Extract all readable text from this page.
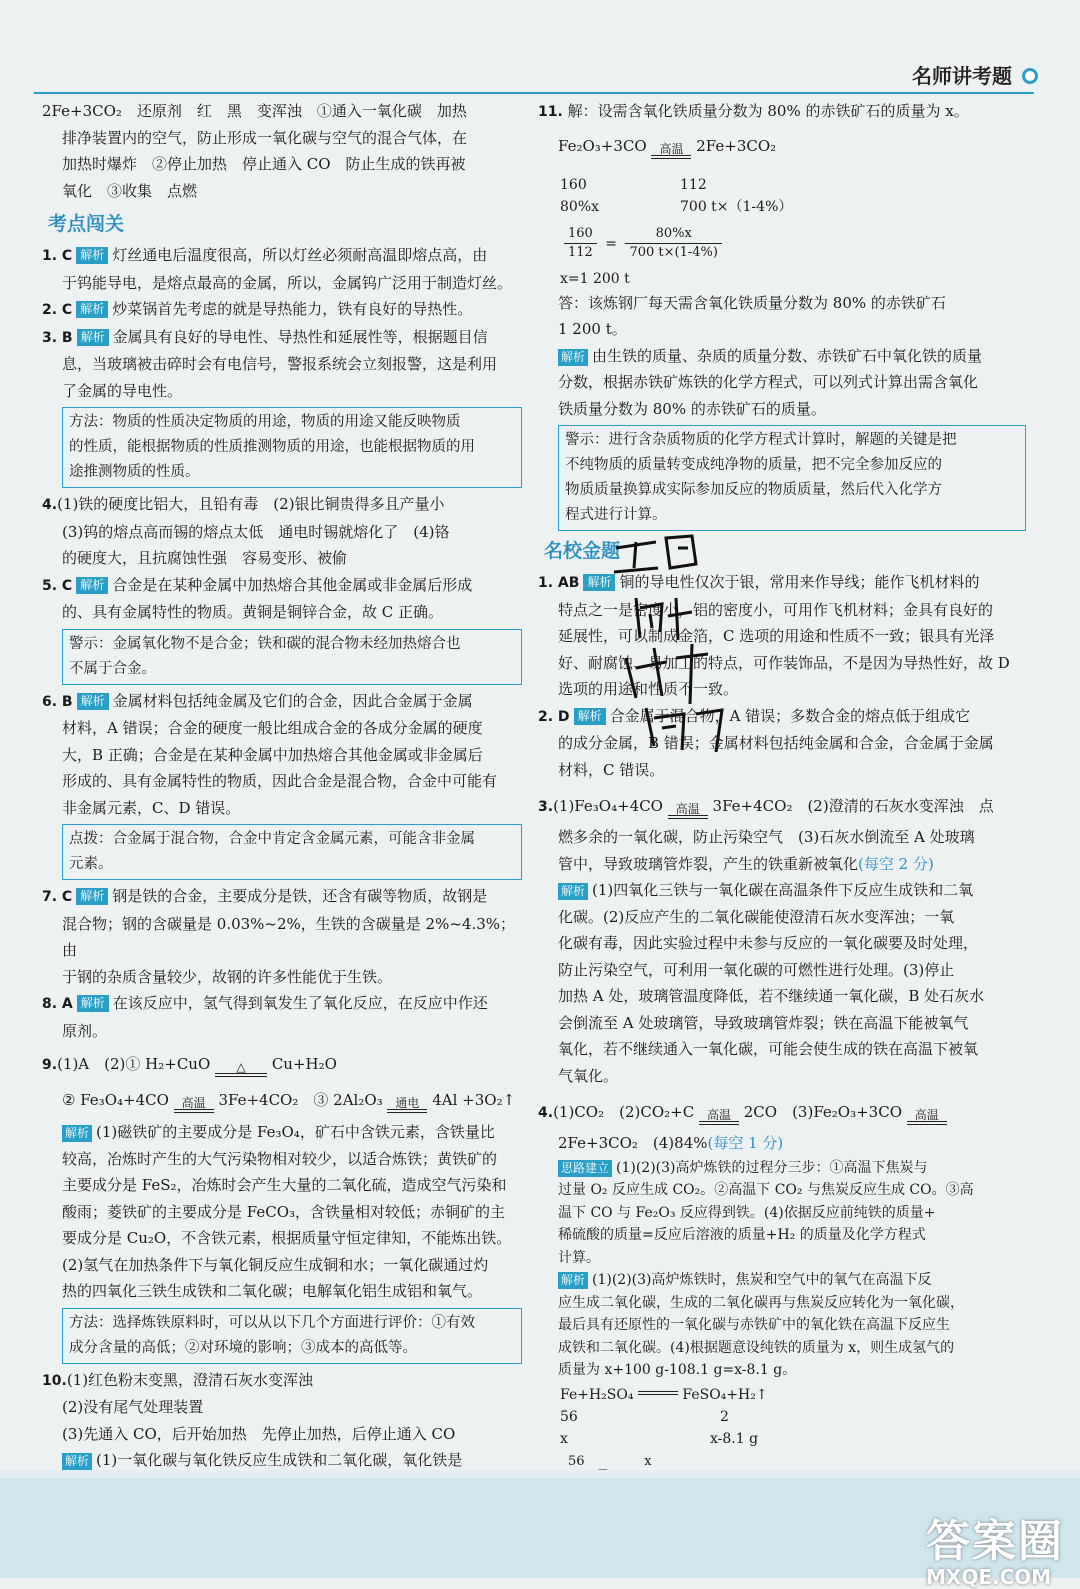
名师讲考题

2Fe+3CO₂　还原剂　红　黑　变浑浊　①通入一氧化碳　加热

排净装置内的空气，防止形成一氧化碳与空气的混合气体，在

加热时爆炸　②停止加热　停止通入 CO　防止生成的铁再被

氧化　③收集　点燃

考点闯关

1. C 解析 灯丝通电后温度很高，所以灯丝必须耐高温即熔点高，由

于钨能导电，是熔点最高的金属，所以，金属钨广泛用于制造灯丝。

2. C 解析 炒菜锅首先考虑的就是导热能力，铁有良好的导热性。

3. B 解析 金属具有良好的导电性、导热性和延展性等，根据题目信

息，当玻璃被击碎时会有电信号，警报系统会立刻报警，这是利用

了金属的导电性。

方法：物质的性质决定物质的用途，物质的用途又能反映物质

的性质，能根据物质的性质推测物质的用途，也能根据物质的用

途推测物质的性质。

4.(1)铁的硬度比铝大，且铅有毒　(2)银比铜贵得多且产量小

(3)钨的熔点高而锡的熔点太低　通电时锡就熔化了　(4)铬

的硬度大，且抗腐蚀性强　容易变形、被偷

5. C 解析 合金是在某种金属中加热熔合其他金属或非金属后形成

的、具有金属特性的物质。黄铜是铜锌合金，故 C 正确。

警示：金属氧化物不是合金；铁和碳的混合物未经加热熔合也

不属于合金。

6. B 解析 金属材料包括纯金属及它们的合金，因此合金属于金属

材料，A 错误；合金的硬度一般比组成合金的各成分金属的硬度

大，B 正确；合金是在某种金属中加热熔合其他金属或非金属后

形成的、具有金属特性的物质，因此合金是混合物，合金中可能有

非金属元素，C、D 错误。

点拨：合金属于混合物，合金中肯定含金属元素，可能含非金属

元素。

7. C 解析 钢是铁的合金，主要成分是铁，还含有碳等物质，故钢是

混合物；钢的含碳量是 0.03%~2%，生铁的含碳量是 2%~4.3%；由

于钢的杂质含量较少，故钢的许多性能优于生铁。

8. A 解析 在该反应中，氢气得到氧发生了氧化反应，在反应中作还

原剂。

9.(1)A　(2)① H₂+CuO	△	Cu+H₂O

② Fe₃O₄+4CO	高温 3Fe+4CO₂　 ③ 2Al₂O₃	通电 4Al +3O₂↑

解析 (1)磁铁矿的主要成分是 Fe₃O₄，矿石中含铁元素，含铁量比

较高，冶炼时产生的大气污染物相对较少，以适合炼铁；黄铁矿的

主要成分是 FeS₂，冶炼时会产生大量的二氧化硫，造成空气污染和

酸雨；菱铁矿的主要成分是 FeCO₃，含铁量相对较低；赤铜矿的主

要成分是 Cu₂O，不含铁元素，根据质量守恒定律知，不能炼出铁。

(2)氢气在加热条件下与氧化铜反应生成铜和水；一氧化碳通过灼

热的四氧化三铁生成铁和二氧化碳；电解氧化铝生成铝和氧气。

方法：选择炼铁原料时，可以从以下几个方面进行评价：①有效

成分含量的高低；②对环境的影响；③成本的高低等。

10.(1)红色粉末变黑，澄清石灰水变浑浊

(2)没有尾气处理装置

(3)先通入 CO，后开始加热　先停止加热，后停止通入 CO

解析 (1)一氧化碳与氧化铁反应生成铁和二氧化碳，氧化铁是

11. 解：设需含氧化铁质量分数为 80% 的赤铁矿石的质量为 x。

Fe₂O₃+3CO	高温 2Fe+3CO₂

160	112
80%x	700 t×（1-4%）
$\frac{160}{112} = \frac{80\%x}{700 t\times(1-4\%)}$
x=1 200 t

答：该炼钢厂每天需含氧化铁质量分数为 80% 的赤铁矿石

1 200 t。

解析 由生铁的质量、杂质的质量分数、赤铁矿石中氧化铁的质量

分数，根据赤铁矿炼铁的化学方程式，可以列式计算出需含氧化

铁质量分数为 80% 的赤铁矿石的质量。

警示：进行含杂质物质的化学方程式计算时，解题的关键是把

不纯物质的质量转变成纯净物的质量，把不完全参加反应的

物质质量换算成实际参加反应的物质质量，然后代入化学方

程式进行计算。

名校金题

1. AB 解析 铜的导电性仅次于银，常用来作导线；能作飞机材料的

特点之一是密度小，铝的密度小，可用作飞机材料；金具有良好的

延展性，可以制成金箔，C 选项的用途和性质不一致；银具有光泽

好、耐腐蚀、易加工的特点，可作装饰品，不是因为导热性好，故 D

选项的用途和性质不一致。

2. D 解析 合金属于混合物，A 错误；多数合金的熔点低于组成它

的成分金属，B 错误；金属材料包括纯金属和合金，合金属于金属

材料，C 错误。

3.(1)Fe₃O₄+4CO	高温 3Fe+4CO₂　(2)澄清的石灰水变浑浊　点

燃多余的一氧化碳，防止污染空气　(3)石灰水倒流至 A 处玻璃

管中，导致玻璃管炸裂，产生的铁重新被氧化(每空 2 分)

解析 (1)四氧化三铁与一氧化碳在高温条件下反应生成铁和二氧

化碳。(2)反应产生的二氧化碳能使澄清石灰水变浑浊；一氧

化碳有毒，因此实验过程中未参与反应的一氧化碳要及时处理，

防止污染空气，可利用一氧化碳的可燃性进行处理。(3)停止

加热 A 处，玻璃管温度降低，若不继续通一氧化碳，B 处石灰水

会倒流至 A 处玻璃管，导致玻璃管炸裂；铁在高温下能被氧气

氧化，若不继续通入一氧化碳，可能会使生成的铁在高温下被氧

气氧化。

4.(1)CO₂　(2)CO₂+C	高温 2CO　(3)Fe₂O₃+3CO	高温

2Fe+3CO₂　(4)84%(每空 1 分)

思路建立 (1)(2)(3)高炉炼铁的过程分三步：①高温下焦炭与

过量 O₂ 反应生成 CO₂。②高温下 CO₂ 与焦炭反应生成 CO。③高

温下 CO 与 Fe₂O₃ 反应得到铁。(4)依据反应前纯铁的质量+

稀硫酸的质量=反应后溶液的质量+H₂ 的质量及化学方程式

计算。

解析 (1)(2)(3)高炉炼铁时，焦炭和空气中的氧气在高温下反

应生成二氧化碳，生成的二氧化碳再与焦炭反应转化为一氧化碳，

最后具有还原性的一氧化碳与赤铁矿中的氧化铁在高温下反应生

成铁和二氧化碳。(4)根据题意设纯铁的质量为 x，则生成氢气的

质量为 x+100 g-108.1 g=x-8.1 g。

Fe+H₂SO₄	FeSO₄+H₂↑
56	2
x	x-8.1 g
56	x
答案圈
MXQE.COM
